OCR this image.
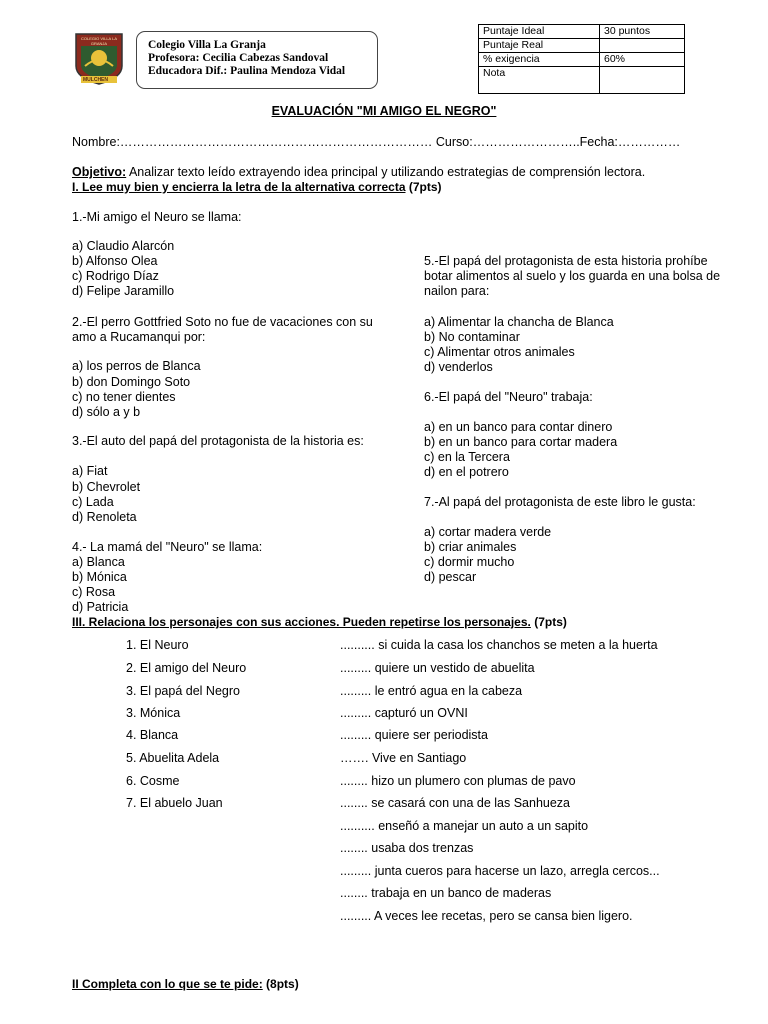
COLEGIO VILLA LA GRANJA
MULCHEN
Colegio Villa La Granja
Profesora: Cecilia Cabezas Sandoval
Educadora Dif.: Paulina Mendoza Vidal
Puntaje Ideal	30 puntos
Puntaje Real	
% exigencia	60%
Nota	
EVALUACIÓN "MI AMIGO EL NEGRO"
Nombre:………………………………………………………………… Curso:……………………..Fecha:……………
Objetivo: Analizar texto leído extrayendo idea principal y utilizando estrategias de comprensión lectora.
I. Lee muy bien y encierra la letra de la alternativa correcta (7pts)
1.-Mi amigo el Neuro se llama:
a) Claudio Alarcón
b) Alfonso Olea
c) Rodrigo Díaz
d) Felipe Jaramillo
2.-El perro Gottfried Soto no fue de vacaciones con su
amo a Rucamanqui por:
a) los perros de Blanca
b) don Domingo Soto
c) no tener dientes
d) sólo a y b
3.-El auto del papá del protagonista de la historia es:
a) Fiat
b) Chevrolet
c) Lada
d) Renoleta
4.- La mamá del "Neuro" se llama:
a) Blanca
b) Mónica
c) Rosa
d) Patricia
5.-El papá del protagonista de esta historia prohíbe
botar alimentos al suelo y los guarda en una bolsa de
nailon para:
a) Alimentar la chancha de Blanca
b) No contaminar
c) Alimentar otros animales
d) venderlos
6.-El papá del "Neuro" trabaja:
a) en un banco para contar dinero
b) en un banco para cortar madera
c) en la Tercera
d) en el potrero
7.-Al papá del protagonista de este libro le gusta:
a) cortar madera verde
b) criar animales
c) dormir mucho
d) pescar
III. Relaciona los personajes con sus acciones. Pueden repetirse los personajes. (7pts)
1. El Neuro
2. El amigo del Neuro
3. El papá del Negro
3. Mónica
4. Blanca
5. Abuelita Adela
6. Cosme
7. El abuelo Juan
.......... si cuida la casa los chanchos se meten a la huerta
......... quiere un vestido de abuelita
......... le entró agua en la cabeza
......... capturó un OVNI
......... quiere ser periodista
……. Vive en Santiago
........ hizo un plumero con plumas de pavo
........ se casará con una de las Sanhueza
.......... enseñó a manejar un auto a un sapito
........ usaba dos trenzas
......... junta cueros para hacerse un lazo, arregla cercos...
........ trabaja en un banco de maderas
......... A veces lee recetas, pero se cansa bien ligero.
II Completa con lo que se te pide: (8pts)
